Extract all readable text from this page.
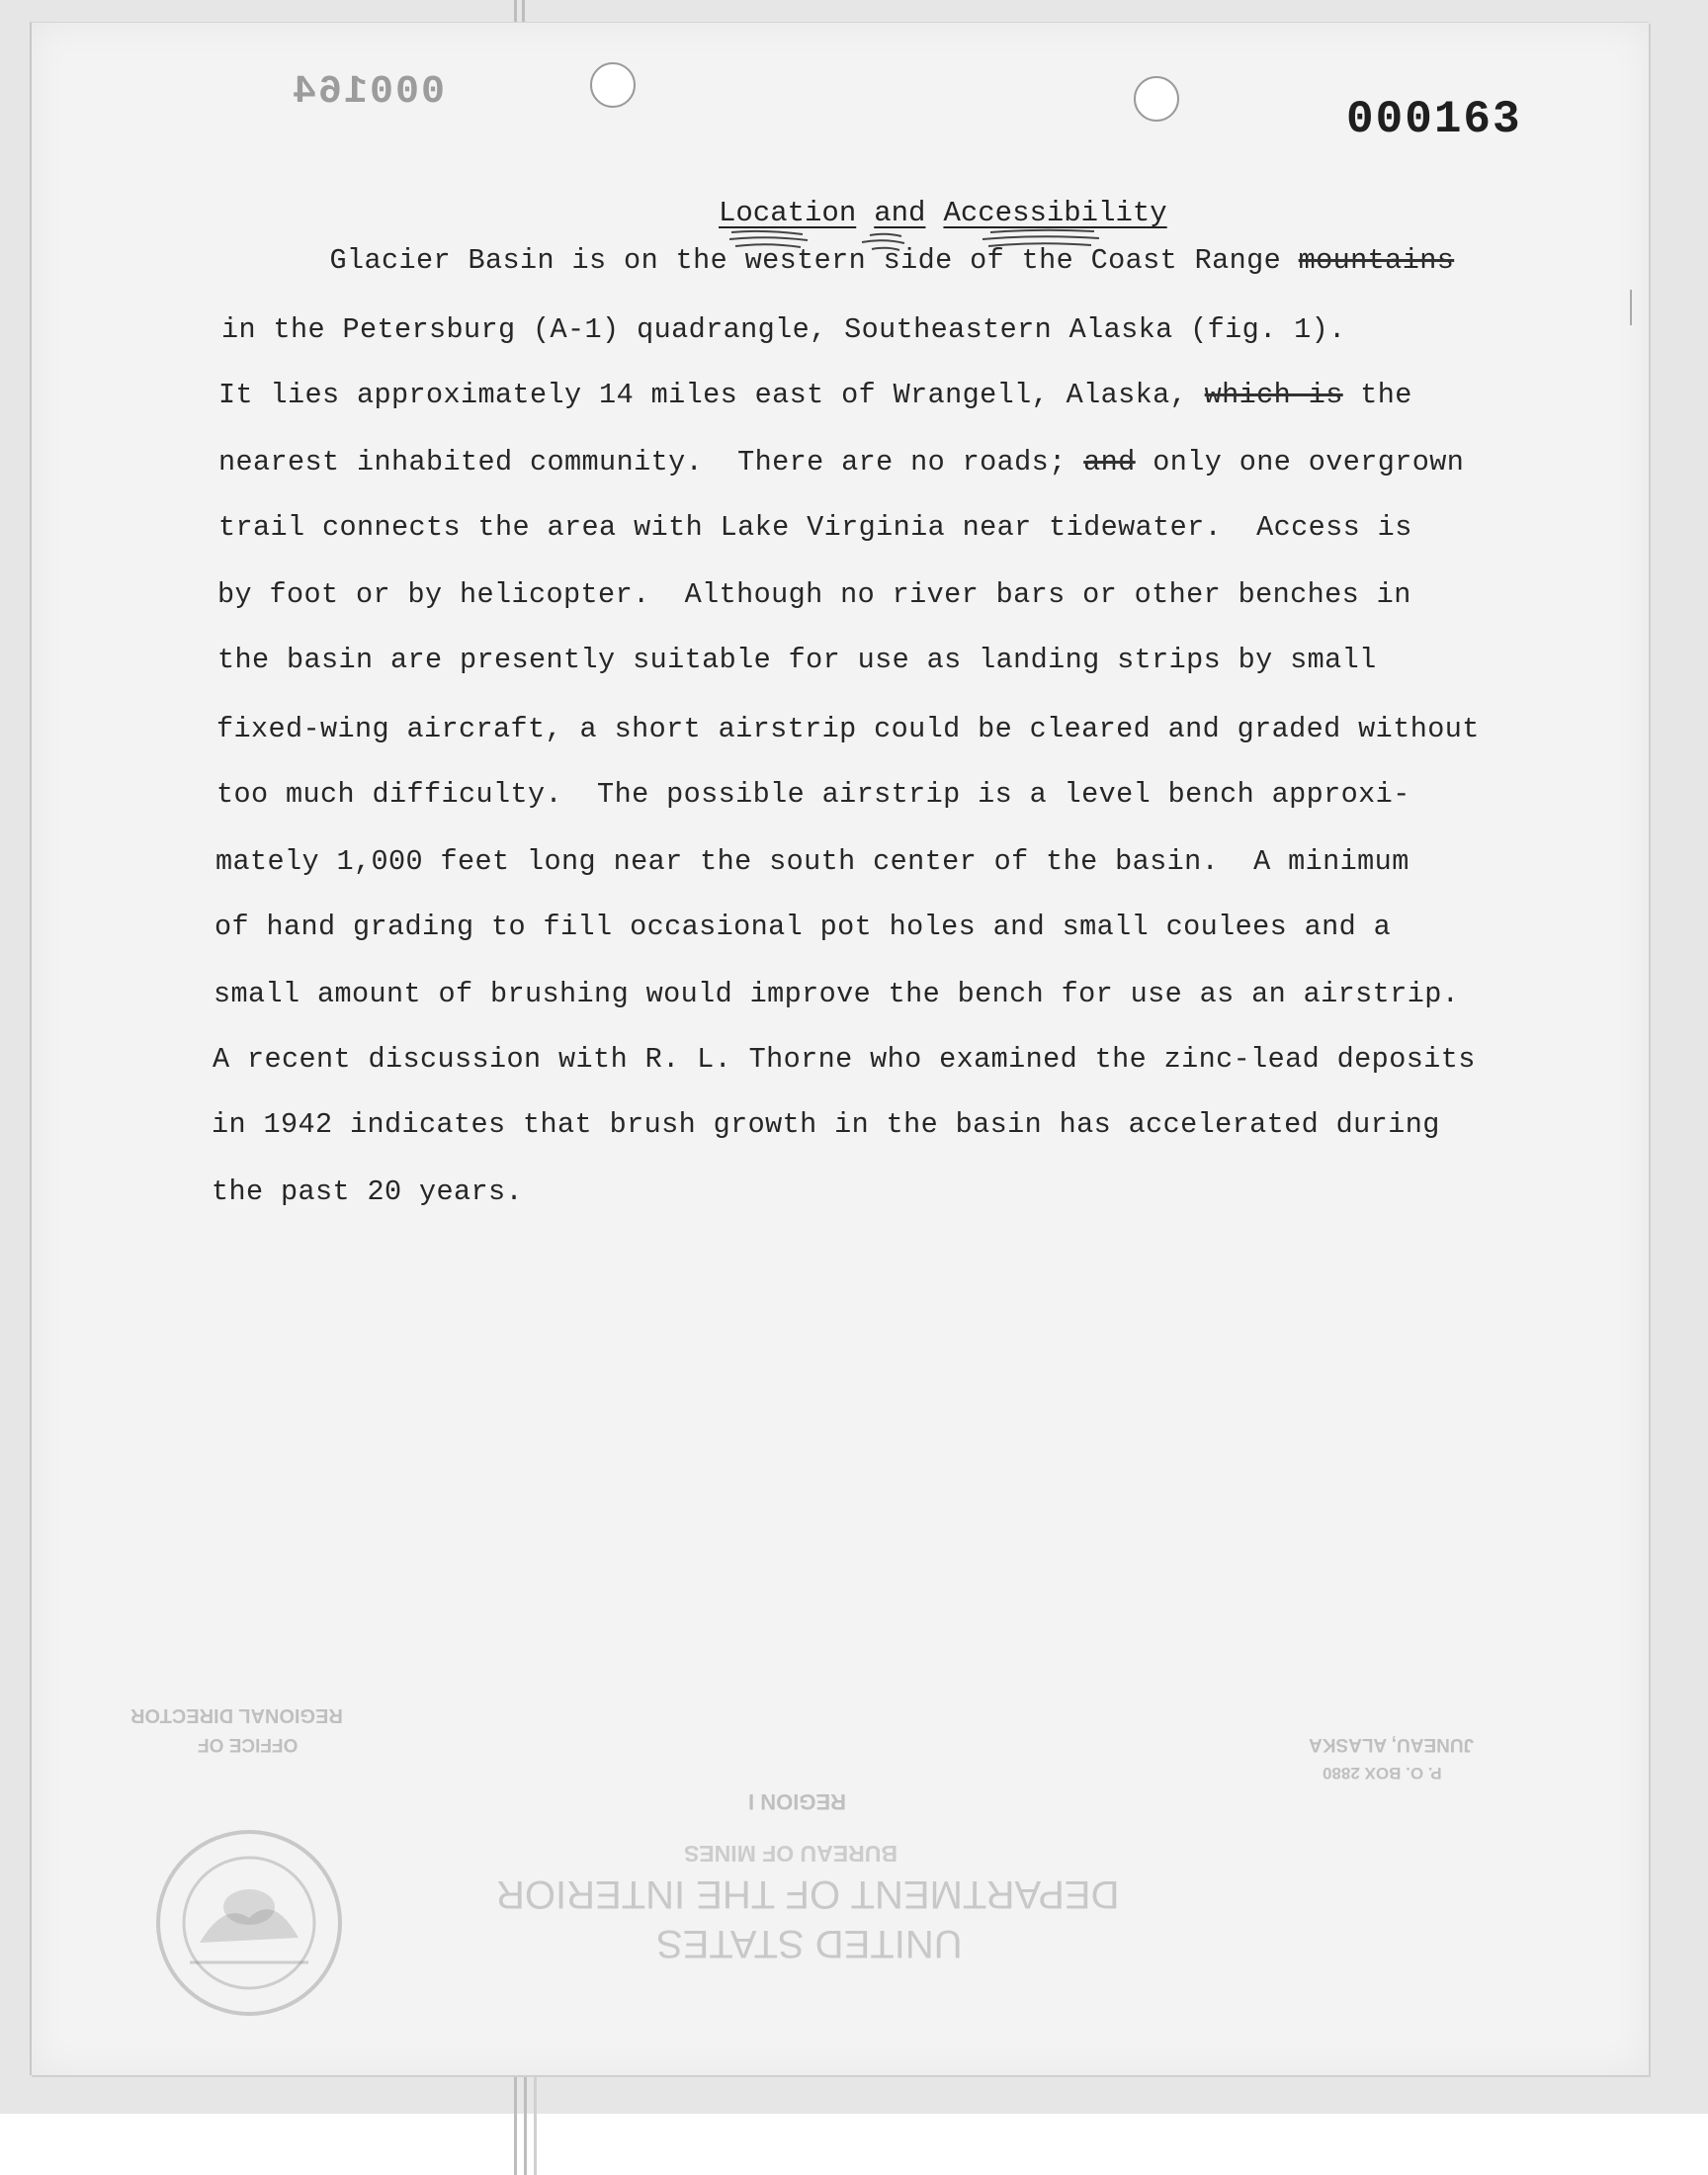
000163
000164
Location and Accessibility
Glacier Basin is on the western side of the Coast Range mountains
in the Petersburg (A-1) quadrangle, Southeastern Alaska (fig. 1).
It lies approximately 14 miles east of Wrangell, Alaska, which is the
nearest inhabited community.  There are no roads; and only one overgrown
trail connects the area with Lake Virginia near tidewater.  Access is
by foot or by helicopter.  Although no river bars or other benches in
the basin are presently suitable for use as landing strips by small
fixed-wing aircraft, a short airstrip could be cleared and graded without
too much difficulty.  The possible airstrip is a level bench approxi-
mately 1,000 feet long near the south center of the basin.  A minimum
of hand grading to fill occasional pot holes and small coulees and a
small amount of brushing would improve the bench for use as an airstrip.
A recent discussion with R. L. Thorne who examined the zinc-lead deposits
in 1942 indicates that brush growth in the basin has accelerated during
the past 20 years.
REGIONAL DIRECTOR
OFFICE OF	JUNEAU, ALASKA
P. O. BOX 2880
REGION I
BUREAU OF MINES
DEPARTMENT OF THE INTERIOR
UNITED STATES
